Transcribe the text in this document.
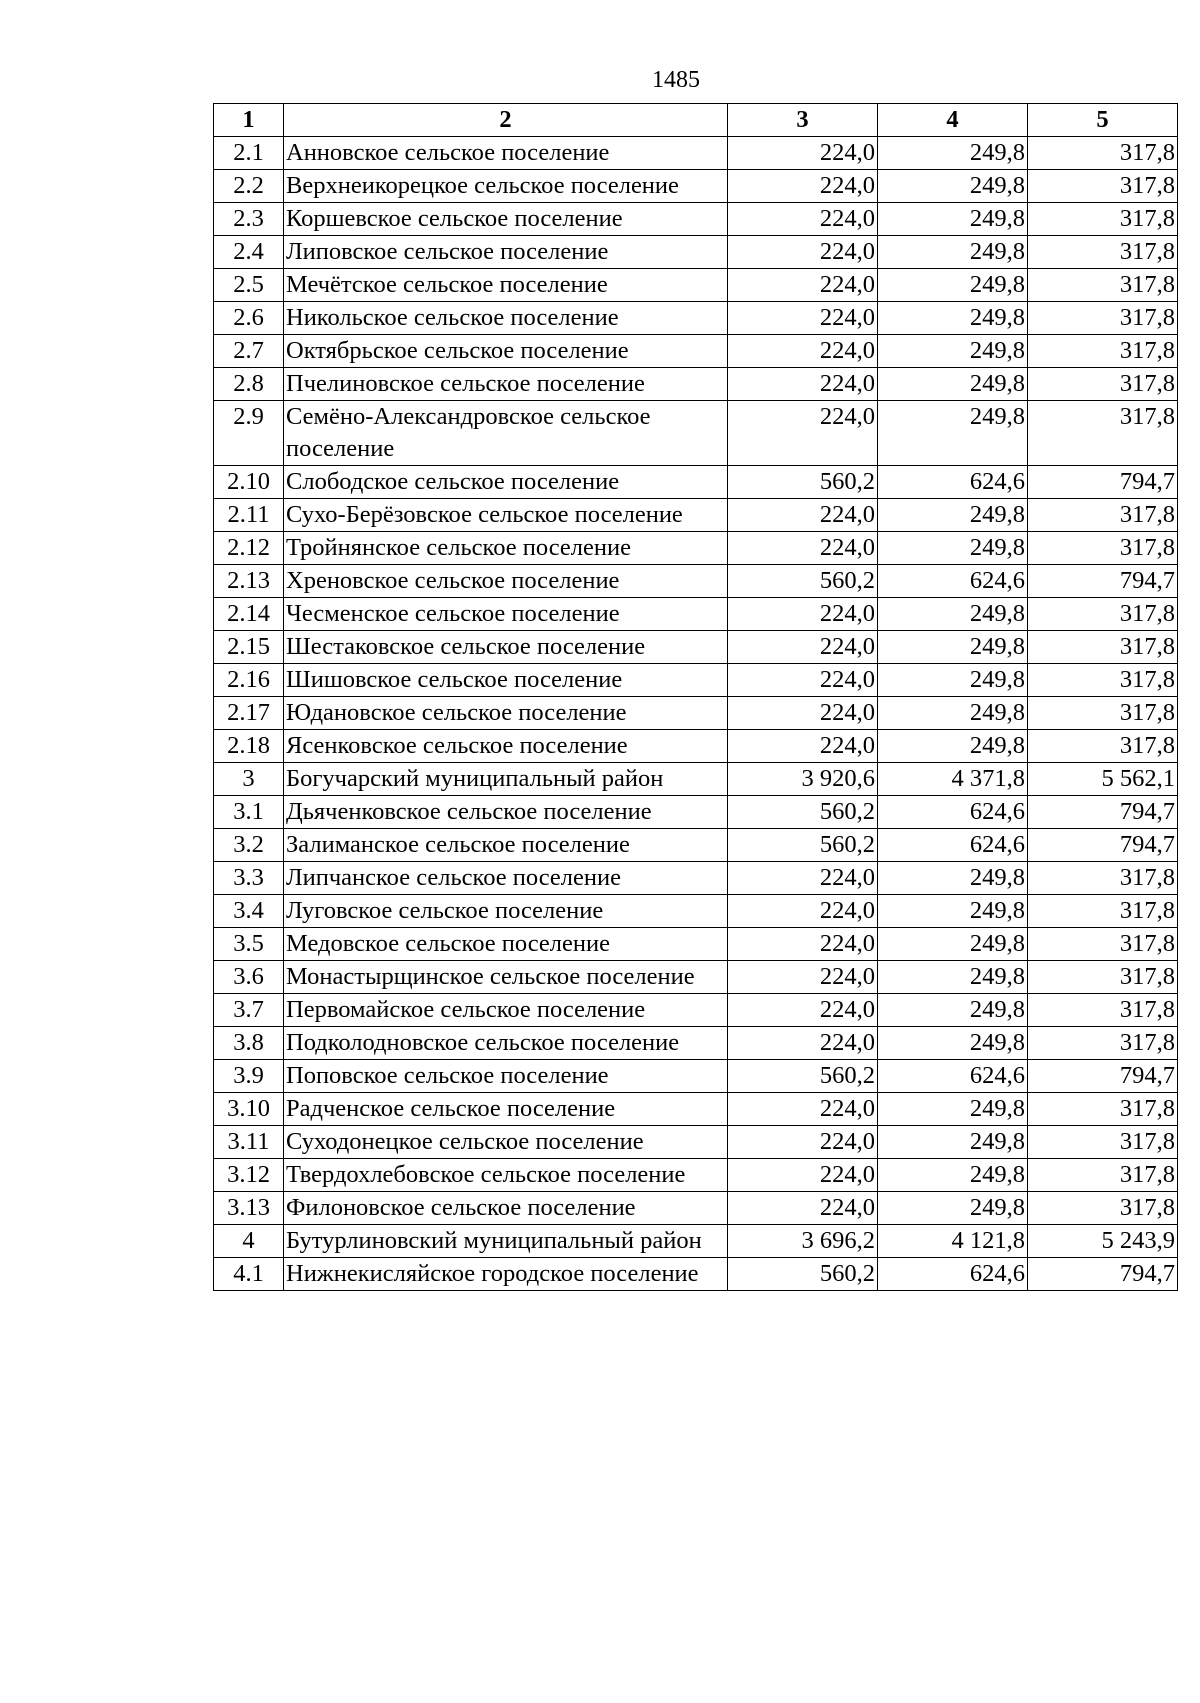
1485
1	2	3	4	5
2.1	Анновское сельское поселение	224,0	249,8	317,8
2.2	Верхнеикорецкое сельское поселение	224,0	249,8	317,8
2.3	Коршевское сельское поселение	224,0	249,8	317,8
2.4	Липовское сельское поселение	224,0	249,8	317,8
2.5	Мечётское сельское поселение	224,0	249,8	317,8
2.6	Никольское сельское поселение	224,0	249,8	317,8
2.7	Октябрьское сельское поселение	224,0	249,8	317,8
2.8	Пчелиновское сельское поселение	224,0	249,8	317,8
2.9	Семёно-Александровское сельское поселение	224,0	249,8	317,8
2.10	Слободское сельское поселение	560,2	624,6	794,7
2.11	Сухо-Берёзовское сельское поселение	224,0	249,8	317,8
2.12	Тройнянское сельское поселение	224,0	249,8	317,8
2.13	Хреновское сельское поселение	560,2	624,6	794,7
2.14	Чесменское сельское поселение	224,0	249,8	317,8
2.15	Шестаковское сельское поселение	224,0	249,8	317,8
2.16	Шишовское сельское поселение	224,0	249,8	317,8
2.17	Юдановское сельское поселение	224,0	249,8	317,8
2.18	Ясенковское сельское поселение	224,0	249,8	317,8
3	Богучарский муниципальный район	3 920,6	4 371,8	5 562,1
3.1	Дьяченковское сельское поселение	560,2	624,6	794,7
3.2	Залиманское сельское поселение	560,2	624,6	794,7
3.3	Липчанское сельское поселение	224,0	249,8	317,8
3.4	Луговское сельское поселение	224,0	249,8	317,8
3.5	Медовское сельское поселение	224,0	249,8	317,8
3.6	Монастырщинское сельское поселение	224,0	249,8	317,8
3.7	Первомайское сельское поселение	224,0	249,8	317,8
3.8	Подколодновское сельское поселение	224,0	249,8	317,8
3.9	Поповское сельское поселение	560,2	624,6	794,7
3.10	Радченское сельское поселение	224,0	249,8	317,8
3.11	Суходонецкое сельское поселение	224,0	249,8	317,8
3.12	Твердохлебовское сельское поселение	224,0	249,8	317,8
3.13	Филоновское сельское поселение	224,0	249,8	317,8
4	Бутурлиновский муниципальный район	3 696,2	4 121,8	5 243,9
4.1	Нижнекисляйское городское поселение	560,2	624,6	794,7
